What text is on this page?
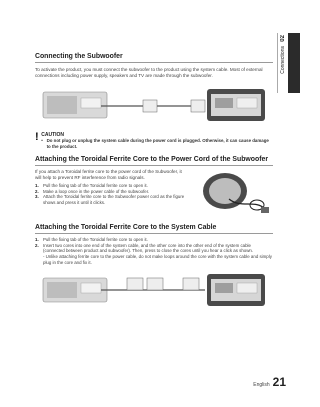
02
Connections
Connecting the Subwoofer

To activate the product, you must connect the subwoofer to the product using the system cable. Most of external connections including power supply, speakers and TV are made through the subwoofer.

! CAUTION
• Do not plug or unplug the system cable during the power cord is plugged. Otherwise, it can cause damage to the product.
Attaching the Toroidal Ferrite Core to the Power Cord of the Subwoofer

If you attach a Toroidal ferrite core to the power cord of the Subwoofer, it will help to prevent RF interference from radio signals.

1. Pull the fixing tab of the Toroidal ferrite core to open it.
2. Make a loop once in the power cable of the subwoofer.
3. Attach the Toroidal ferrite core to the Subwoofer power cord as the figure shows and press it until it clicks.
Attaching the Toroidal Ferrite Core to the System Cable
1. Pull the fixing tab of the Toroidal ferrite core to open it.
2. Insert two cores into one end of the system cable, and the other core into the other end of the system cable (connected between product and subwoofer). Then, press to close the cores until you hear a click as shown.
- Unlike attaching ferrite core to the power cable, do not make loops around the core with the system cable and simply plug in the core and fix it.
English 21
